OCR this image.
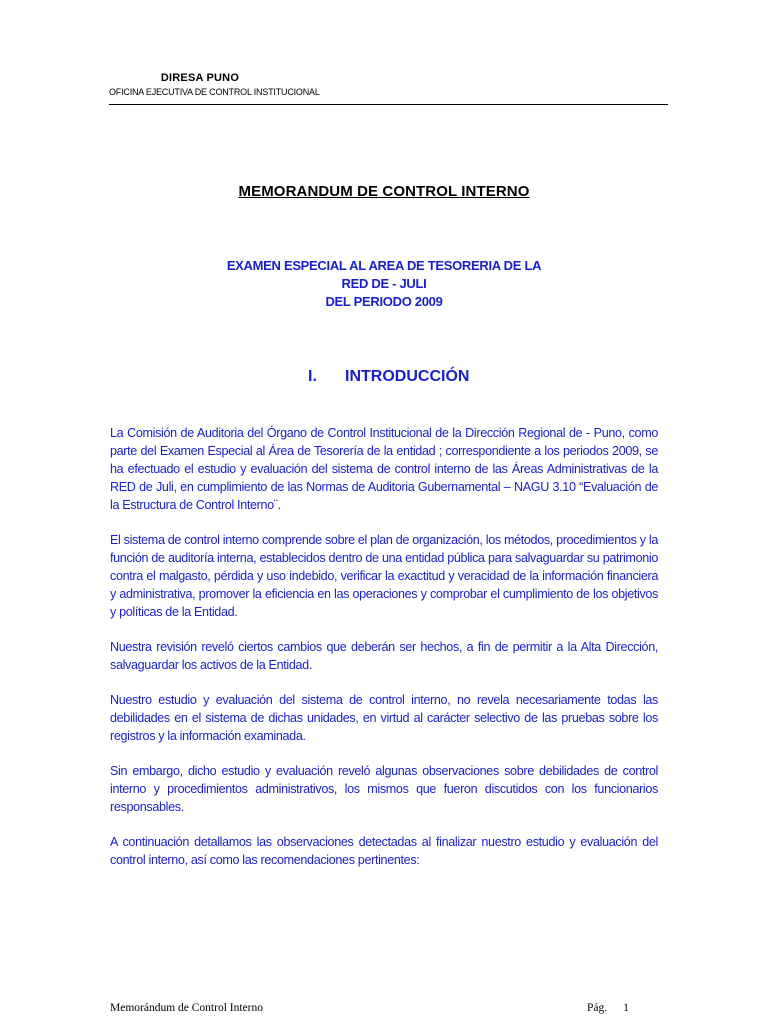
DIRESA PUNO
OFICINA EJECUTIVA DE CONTROL INSTITUCIONAL
MEMORANDUM DE CONTROL INTERNO
EXAMEN ESPECIAL AL AREA DE TESORERIA DE LA
RED DE - JULI
DEL PERIODO 2009
I. INTRODUCCIÓN

La Comisión de Auditoria del Órgano de Control Institucional de la Dirección Regional de - Puno, como parte del Examen Especial al Área de Tesorería de la entidad ; correspondiente a los periodos 2009, se ha efectuado el estudio y evaluación del sistema de control interno de las Áreas Administrativas de la RED de Juli, en cumplimiento de las Normas de Auditoria Gubernamental – NAGU 3.10 “Evaluación de la Estructura de Control Interno¨.

El sistema de control interno comprende sobre el plan de organización, los métodos, procedimientos y la función de auditoría interna, establecidos dentro de una entidad pública para salvaguardar su patrimonio contra el malgasto, pérdida y uso indebido, verificar la exactitud y veracidad de la información financiera y administrativa, promover la eficiencia en las operaciones y comprobar el cumplimiento de los objetivos y políticas de la Entidad.

Nuestra revisión reveló ciertos cambios que deberán ser hechos, a fin de permitir a la Alta Dirección, salvaguardar los activos de la Entidad.

Nuestro estudio y evaluación del sistema de control interno, no revela necesariamente todas las debilidades en el sistema de dichas unidades, en virtud al carácter selectivo de las pruebas sobre los registros y la información examinada.

Sin embargo, dicho estudio y evaluación reveló algunas observaciones sobre debilidades de control interno y procedimientos administrativos, los mismos que fueron discutidos con los funcionarios responsables.

A continuación detallamos las observaciones detectadas al finalizar nuestro estudio y evaluación del control interno, así como las recomendaciones pertinentes:

Memorándum de Control Interno	Pág. 1
